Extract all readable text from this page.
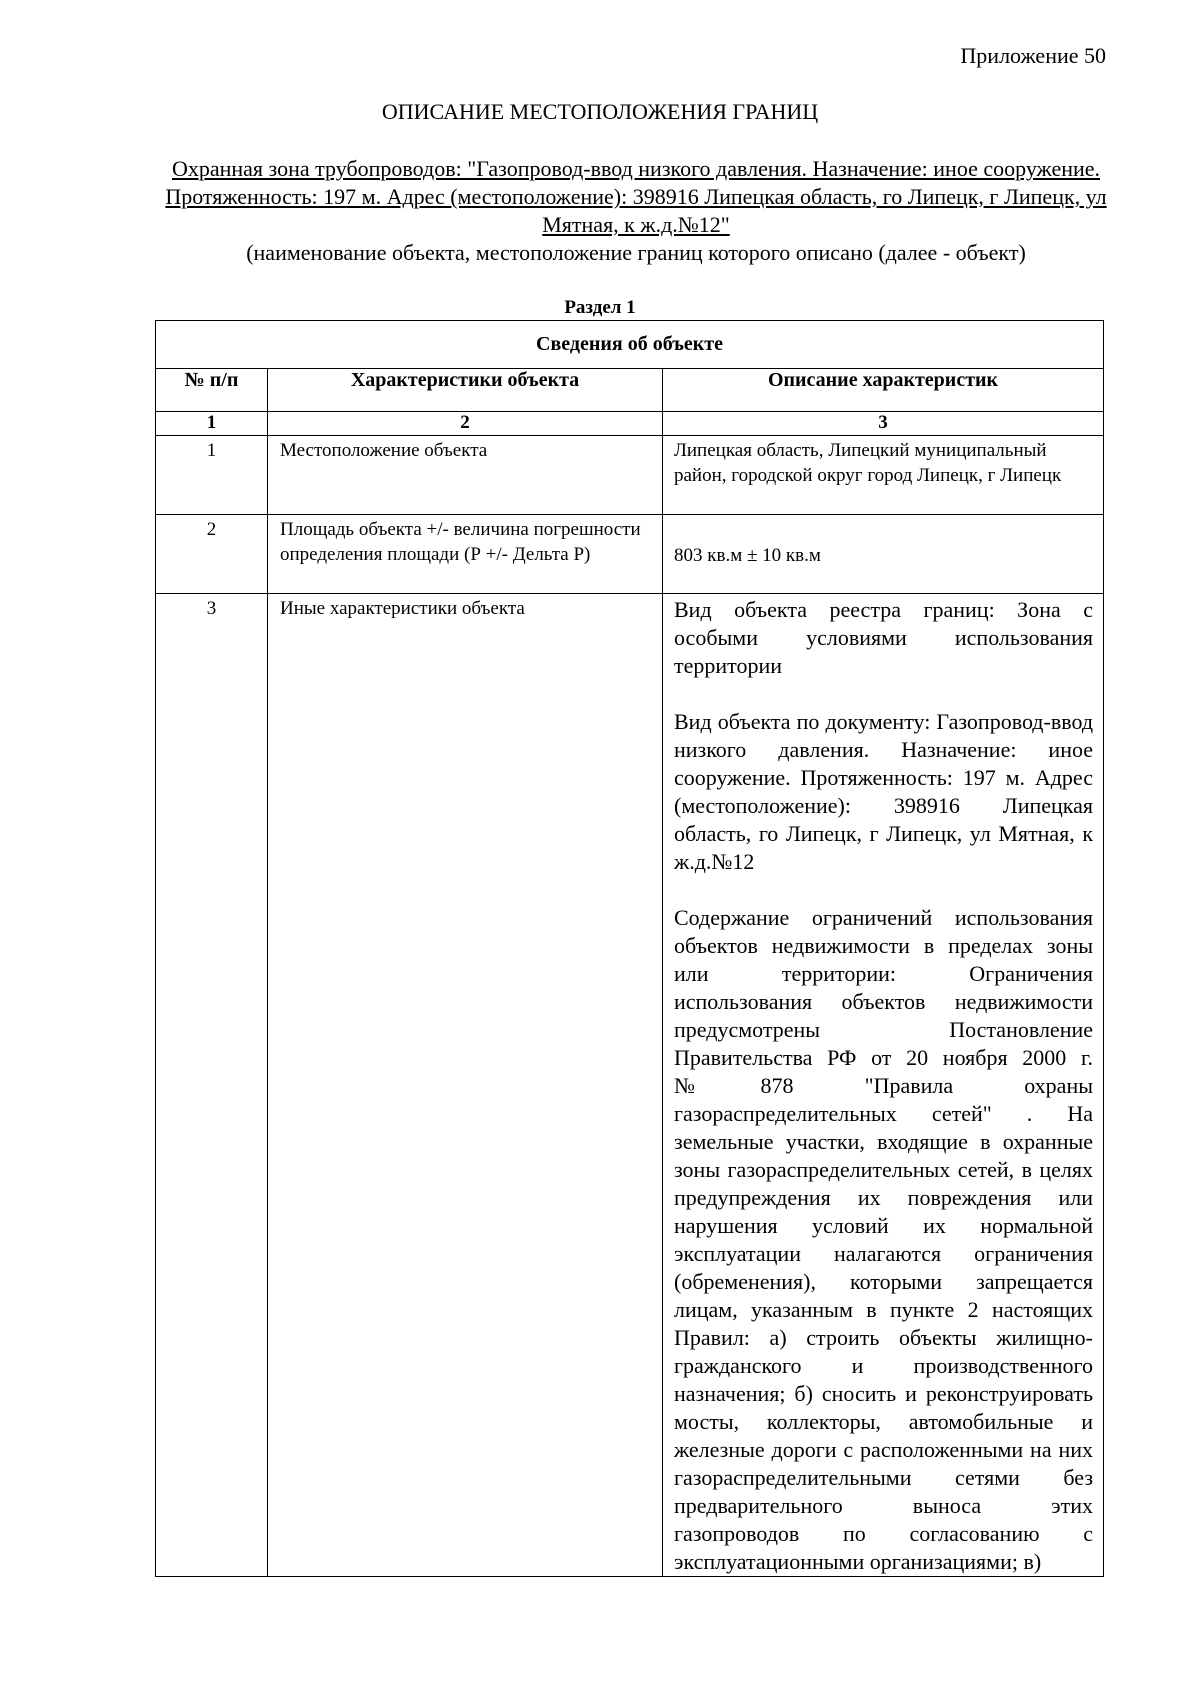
Приложение 50
ОПИСАНИЕ МЕСТОПОЛОЖЕНИЯ ГРАНИЦ
Охранная зона трубопроводов: "Газопровод-ввод низкого давления. Назначение: иное сооружение. Протяженность: 197 м. Адрес (местоположение): 398916 Липецкая область, го Липецк, г Липецк, ул Мятная, к ж.д.№12"
(наименование объекта, местоположение границ которого описано (далее - объект)
Раздел 1
Сведения об объекте		
№ п/п	Характеристики объекта	Описание характеристик
1	2	3
1	Местоположение объекта	Липецкая область, Липецкий муниципальный район, городской округ город Липецк, г Липецк
2	Площадь объекта +/- величина погрешности определения площади (Р +/- Дельта Р)	803 кв.м ± 10 кв.м
3	Иные характеристики объекта	Вид объекта реестра границ: Зона с особыми условиями использования территории

Вид объекта по документу: Газопровод-ввод низкого давления. Назначение: иное сооружение. Протяженность: 197 м. Адрес (местоположение): 398916 Липецкая область, го Липецк, г Липецк, ул Мятная, к ж.д.№12

Содержание ограничений использования объектов недвижимости в пределах зоны или территории: Ограничения использования объектов недвижимости предусмотрены Постановление Правительства РФ от 20 ноября 2000 г. №878 "Правила охраны газораспределительных сетей" . На земельные участки, входящие в охранные зоны газораспределительных сетей, в целях предупреждения их повреждения или нарушения условий их нормальной эксплуатации налагаются ограничения (обременения), которыми запрещается лицам, указанным в пункте 2 настоящих Правил: а) строить объекты жилищно-гражданского и производственного назначения; б) сносить и реконструировать мосты, коллекторы, автомобильные и железные дороги с расположенными на них газораспределительными сетями без предварительного выноса этих газопроводов по согласованию с эксплуатационными организациями; в)
